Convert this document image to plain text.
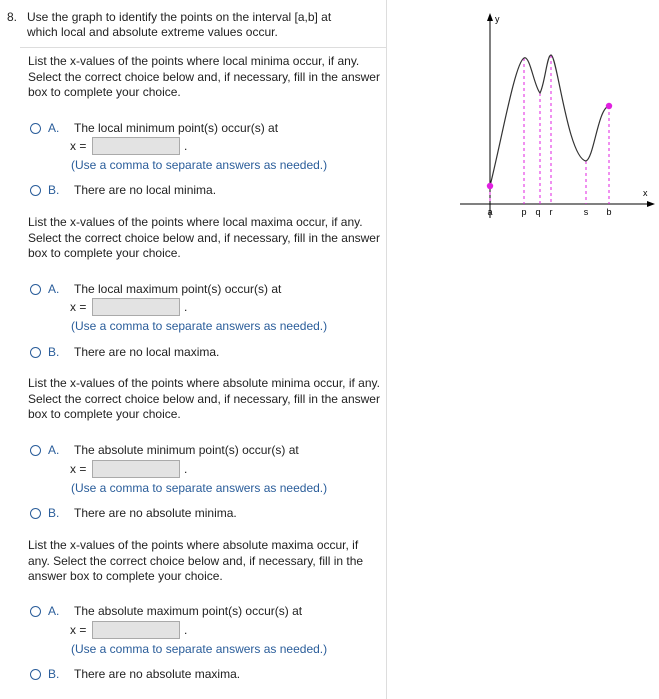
8. Use the graph to identify the points on the interval [a,b] at which local and absolute extreme values occur.
List the x-values of the points where local minima occur, if any. Select the correct choice below and, if necessary, fill in the answer box to complete your choice.
A.	The local minimum point(s) occur(s) at
x =	.
(Use a comma to separate answers as needed.)
B.	There are no local minima.
List the x-values of the points where local maxima occur, if any. Select the correct choice below and, if necessary, fill in the answer box to complete your choice.
A.	The local maximum point(s) occur(s) at
x =	.
(Use a comma to separate answers as needed.)
B.	There are no local maxima.
List the x-values of the points where absolute minima occur, if any. Select the correct choice below and, if necessary, fill in the answer box to complete your choice.
A.	The absolute minimum point(s) occur(s) at
x =	.
(Use a comma to separate answers as needed.)
B.	There are no absolute minima.
List the x-values of the points where absolute maxima occur, if any. Select the correct choice below and, if necessary, fill in the answer box to complete your choice.
A.	The absolute maximum point(s) occur(s) at
x =	.
(Use a comma to separate answers as needed.)
B.	There are no absolute maxima.
y
x
a	p q r	s b
